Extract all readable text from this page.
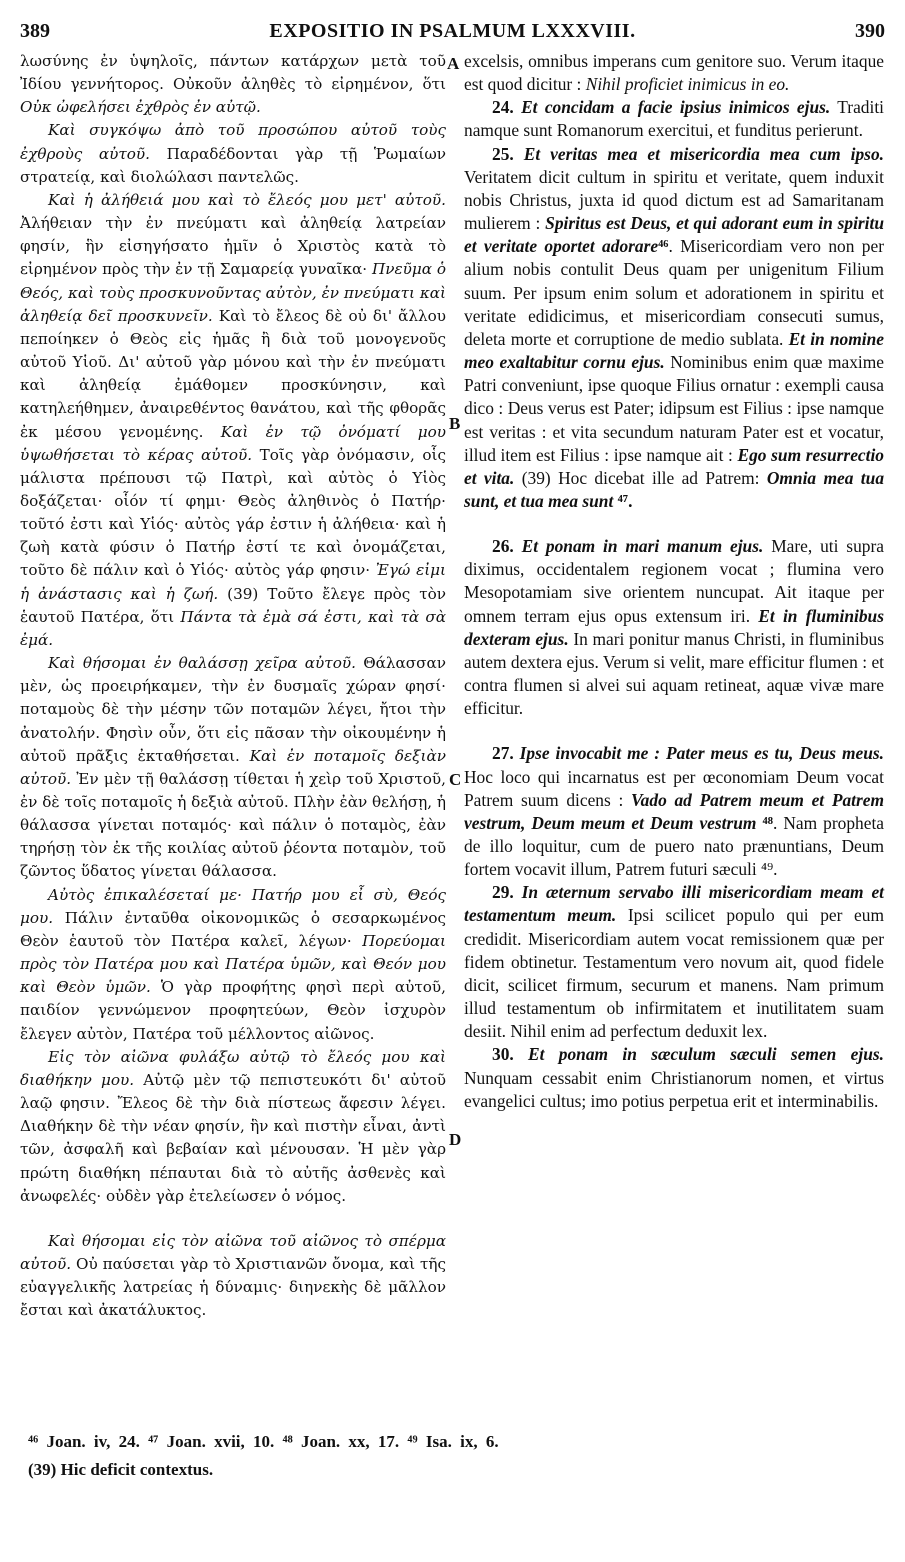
389	EXPOSITIO IN PSALMUM LXXXVIII.	390

λωσύνης ἐν ὑψηλοῖς, πάντων κατάρχων μετὰ τοῦ Ἰδίου γεννήτορος. Οὐκοῦν ἀληθὲς τὸ εἰρημένον, ὅτι Οὐκ ὠφελήσει ἐχθρὸς ἐν αὐτῷ.

Καὶ συγκόψω ἀπὸ τοῦ προσώπου αὐτοῦ τοὺς ἐχθροὺς αὐτοῦ. Παραδέδονται γὰρ τῇ Ῥωμαίων στρατείᾳ, καὶ διολώλασι παντελῶς.

Καὶ ἡ ἀλήθειά μου καὶ τὸ ἔλεός μου μετ' αὐτοῦ. Ἀλήθειαν τὴν ἐν πνεύματι καὶ ἀληθείᾳ λατρείαν φησίν, ἣν εἰσηγήσατο ἡμῖν ὁ Χριστὸς κατὰ τὸ εἰρημένον πρὸς τὴν ἐν τῇ Σαμαρείᾳ γυναῖκα· Πνεῦμα ὁ Θεός, καὶ τοὺς προσκυνοῦντας αὐτὸν, ἐν πνεύματι καὶ ἀληθείᾳ δεῖ προσκυνεῖν. Καὶ τὸ ἔλεος δὲ οὐ δι' ἄλλου πεποίηκεν ὁ Θεὸς εἰς ἡμᾶς ἢ διὰ τοῦ μονογενοῦς αὐτοῦ Υἱοῦ. Δι' αὐτοῦ γὰρ μόνου καὶ τὴν ἐν πνεύματι καὶ ἀληθείᾳ ἐμάθομεν προσκύνησιν, καὶ κατηλεήθημεν, ἀναιρεθέντος θανάτου, καὶ τῆς φθορᾶς ἐκ μέσου γενομένης. Καὶ ἐν τῷ ὀνόματί μου ὑψωθήσεται τὸ κέρας αὐτοῦ. Τοῖς γὰρ ὀνόμασιν, οἷς μάλιστα πρέπουσι τῷ Πατρὶ, καὶ αὐτὸς ὁ Υἱὸς δοξάζεται· οἷόν τί φημι· Θεὸς ἀληθινὸς ὁ Πατήρ· τοῦτό ἐστι καὶ Υἱός· αὐτὸς γάρ ἐστιν ἡ ἀλήθεια· καὶ ἡ ζωὴ κατὰ φύσιν ὁ Πατήρ ἐστί τε καὶ ὀνομάζεται, τοῦτο δὲ πάλιν καὶ ὁ Υἱός· αὐτὸς γάρ φησιν· Ἐγώ εἰμι ἡ ἀνάστασις καὶ ἡ ζωή. (39) Τοῦτο ἔλεγε πρὸς τὸν ἑαυτοῦ Πατέρα, ὅτι Πάντα τὰ ἐμὰ σά ἐστι, καὶ τὰ σὰ ἐμά.

Καὶ θήσομαι ἐν θαλάσσῃ χεῖρα αὐτοῦ. Θάλασσαν μὲν, ὡς προειρήκαμεν, τὴν ἐν δυσμαῖς χώραν φησί· ποταμοὺς δὲ τὴν μέσην τῶν ποταμῶν λέγει, ἤτοι τὴν ἀνατολήν. Φησὶν οὖν, ὅτι εἰς πᾶσαν τὴν οἰκουμένην ἡ αὐτοῦ πρᾶξις ἐκταθήσεται. Καὶ ἐν ποταμοῖς δεξιὰν αὐτοῦ. Ἐν μὲν τῇ θαλάσσῃ τίθεται ἡ χεὶρ τοῦ Χριστοῦ, ἐν δὲ τοῖς ποταμοῖς ἡ δεξιὰ αὐτοῦ. Πλὴν ἐὰν θελήσῃ, ἡ θάλασσα γίνεται ποταμός· καὶ πάλιν ὁ ποταμὸς, ἐὰν τηρήσῃ τὸν ἐκ τῆς κοιλίας αὐτοῦ ῥέοντα ποταμὸν, τοῦ ζῶντος ὕδατος γίνεται θάλασσα.

Αὐτὸς ἐπικαλέσεταί με· Πατήρ μου εἶ σὺ, Θεός μου. Πάλιν ἐνταῦθα οἰκονομικῶς ὁ σεσαρκωμένος Θεὸν ἑαυτοῦ τὸν Πατέρα καλεῖ, λέγων· Πορεύομαι πρὸς τὸν Πατέρα μου καὶ Πατέρα ὑμῶν, καὶ Θεόν μου καὶ Θεὸν ὑμῶν. Ὁ γὰρ προφήτης φησὶ περὶ αὐτοῦ, παιδίον γεννώμενον προφητεύων, Θεὸν ἰσχυρὸν ἔλεγεν αὐτὸν, Πατέρα τοῦ μέλλοντος αἰῶνος.

Εἰς τὸν αἰῶνα φυλάξω αὐτῷ τὸ ἔλεός μου καὶ διαθήκην μου. Αὐτῷ μὲν τῷ πεπιστευκότι δι' αὐτοῦ λαῷ φησιν. Ἔλεος δὲ τὴν διὰ πίστεως ἄφεσιν λέγει. Διαθήκην δὲ τὴν νέαν φησίν, ἣν καὶ πιστὴν εἶναι, ἀντὶ τῶν, ἀσφαλῆ καὶ βεβαίαν καὶ μένουσαν. Ἡ μὲν γὰρ πρώτη διαθήκη πέπαυται διὰ τὸ αὐτῆς ἀσθενὲς καὶ ἀνωφελές· οὐδὲν γὰρ ἐτελείωσεν ὁ νόμος.

Καὶ θήσομαι εἰς τὸν αἰῶνα τοῦ αἰῶνος τὸ σπέρμα αὐτοῦ. Οὐ παύσεται γὰρ τὸ Χριστιανῶν ὄνομα, καὶ τῆς εὐαγγελικῆς λατρείας ἡ δύναμις· διηνεκὴς δὲ μᾶλλον ἔσται καὶ ἀκατάλυκτος.

excelsis, omnibus imperans cum genitore suo. Verum itaque est quod dicitur : Nihil proficiet inimicus in eo.

24. Et concidam a facie ipsius inimicos ejus. Traditi namque sunt Romanorum exercitui, et funditus perierunt.

25. Et veritas mea et misericordia mea cum ipso. Veritatem dicit cultum in spiritu et veritate, quem induxit nobis Christus, juxta id quod dictum est ad Samaritanam mulierem : Spiritus est Deus, et qui adorant eum in spiritu et veritate oportet adorare⁴⁶. Misericordiam vero non per alium nobis contulit Deus quam per unigenitum Filium suum. Per ipsum enim solum et adorationem in spiritu et veritate edidicimus, et misericordiam consecuti sumus, deleta morte et corruptione de medio sublata. Et in nomine meo exaltabitur cornu ejus. Nominibus enim quæ maxime Patri conveniunt, ipse quoque Filius ornatur : exempli causa dico : Deus verus est Pater; idipsum est Filius : ipse namque est veritas : et vita secundum naturam Pater est et vocatur, illud item est Filius : ipse namque ait : Ego sum resurrectio et vita. (39) Hoc dicebat ille ad Patrem: Omnia mea tua sunt, et tua mea sunt ⁴⁷.

26. Et ponam in mari manum ejus. Mare, uti supra diximus, occidentalem regionem vocat ; flumina vero Mesopotamiam sive orientem nuncupat. Ait itaque per omnem terram ejus opus extensum iri. Et in fluminibus dexteram ejus. In mari ponitur manus Christi, in fluminibus autem dextera ejus. Verum si velit, mare efficitur flumen : et contra flumen si alvei sui aquam retineat, aquæ vivæ mare efficitur.

27. Ipse invocabit me : Pater meus es tu, Deus meus. Hoc loco qui incarnatus est per œconomiam Deum vocat Patrem suum dicens : Vado ad Patrem meum et Patrem vestrum, Deum meum et Deum vestrum ⁴⁸. Nam propheta de illo loquitur, cum de puero nato prænuntians, Deum fortem vocavit illum, Patrem futuri sæculi ⁴⁹.

29. In æternum servabo illi misericordiam meam et testamentum meum. Ipsi scilicet populo qui per eum credidit. Misericordiam autem vocat remissionem quæ per fidem obtinetur. Testamentum vero novum ait, quod fidele dicit, scilicet firmum, securum et manens. Nam primum illud testamentum ob infirmitatem et inutilitatem suam desiit. Nihil enim ad perfectum deduxit lex.

30. Et ponam in sæculum sæculi semen ejus. Nunquam cessabit enim Christianorum nomen, et virtus evangelici cultus; imo potius perpetua erit et interminabilis.

A
B
C
D
⁴⁶ Joan. iv, 24. ⁴⁷ Joan. xvii, 10. ⁴⁸ Joan. xx, 17. ⁴⁹ Isa. ix, 6.
(39) Hic deficit contextus.
